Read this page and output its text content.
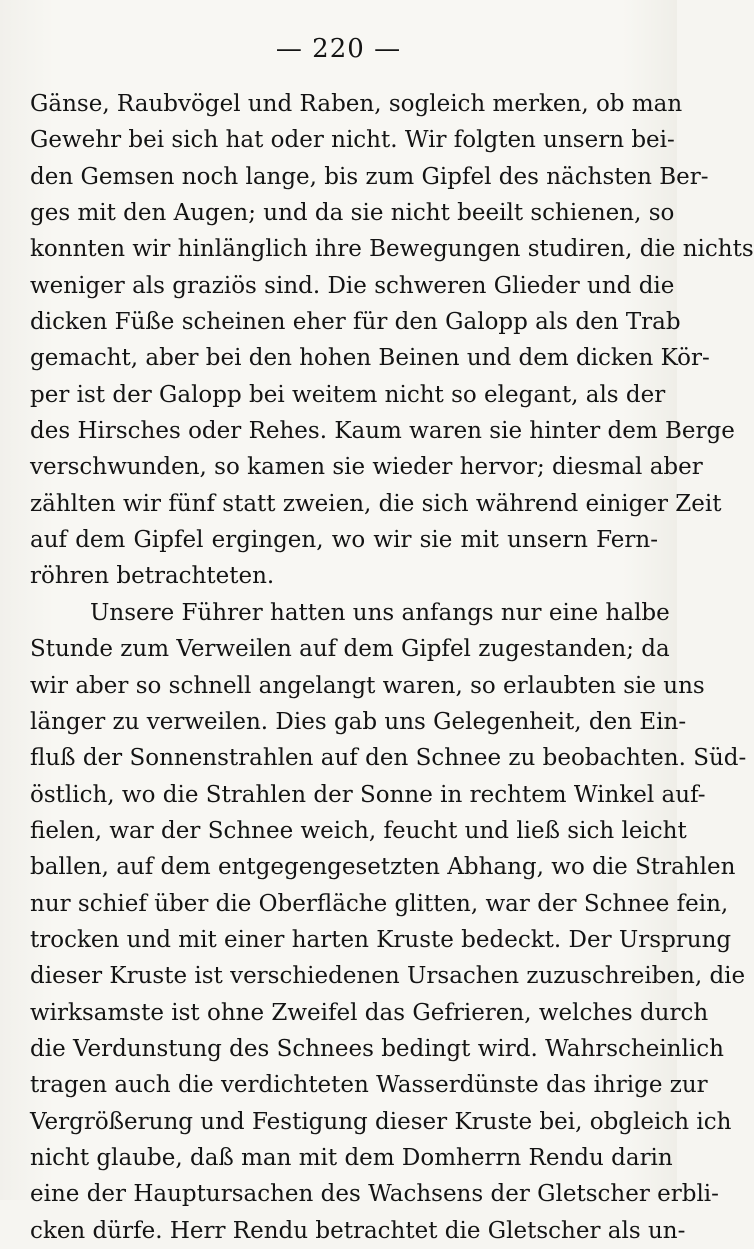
— 220 —
Gänse, Raubvögel und Raben, sogleich merken, ob man
Gewehr bei sich hat oder nicht. Wir folgten unsern bei-
den Gemsen noch lange, bis zum Gipfel des nächsten Ber-
ges mit den Augen; und da sie nicht beeilt schienen, so
konnten wir hinlänglich ihre Bewegungen studiren, die nichts
weniger als graziös sind. Die schweren Glieder und die
dicken Füße scheinen eher für den Galopp als den Trab
gemacht, aber bei den hohen Beinen und dem dicken Kör-
per ist der Galopp bei weitem nicht so elegant, als der
des Hirsches oder Rehes. Kaum waren sie hinter dem Berge
verschwunden, so kamen sie wieder hervor; diesmal aber
zählten wir fünf statt zweien, die sich während einiger Zeit
auf dem Gipfel ergingen, wo wir sie mit unsern Fern-
röhren betrachteten.
Unsere Führer hatten uns anfangs nur eine halbe
Stunde zum Verweilen auf dem Gipfel zugestanden; da
wir aber so schnell angelangt waren, so erlaubten sie uns
länger zu verweilen. Dies gab uns Gelegenheit, den Ein-
fluß der Sonnenstrahlen auf den Schnee zu beobachten. Süd-
östlich, wo die Strahlen der Sonne in rechtem Winkel auf-
fielen, war der Schnee weich, feucht und ließ sich leicht
ballen, auf dem entgegengesetzten Abhang, wo die Strahlen
nur schief über die Oberfläche glitten, war der Schnee fein,
trocken und mit einer harten Kruste bedeckt. Der Ursprung
dieser Kruste ist verschiedenen Ursachen zuzuschreiben, die
wirksamste ist ohne Zweifel das Gefrieren, welches durch
die Verdunstung des Schnees bedingt wird. Wahrscheinlich
tragen auch die verdichteten Wasserdünste das ihrige zur
Vergrößerung und Festigung dieser Kruste bei, obgleich ich
nicht glaube, daß man mit dem Domherrn Rendu darin
eine der Hauptursachen des Wachsens der Gletscher erbli-
cken dürfe. Herr Rendu betrachtet die Gletscher als un-
